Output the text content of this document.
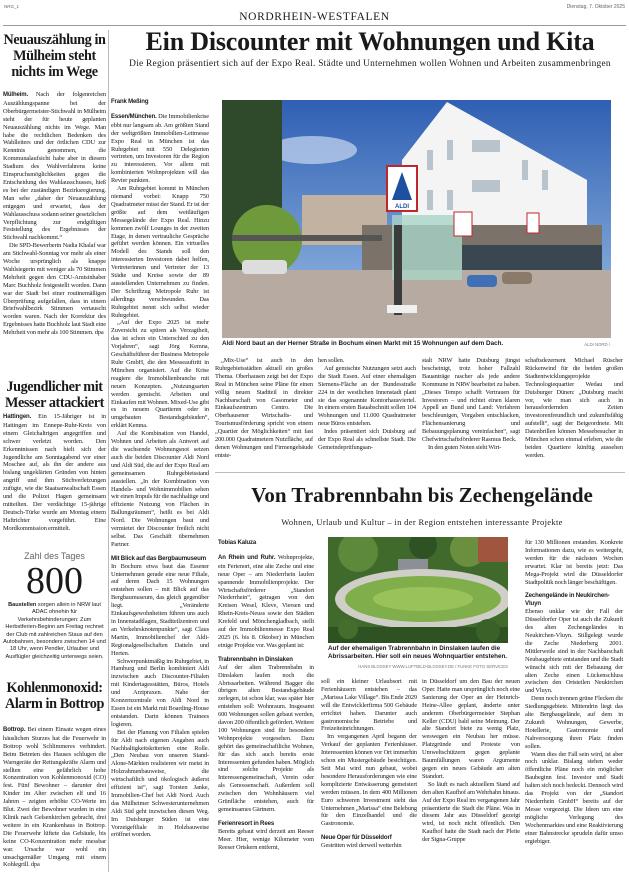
NRG_1
NORDRHEIN-WESTFALEN
Dienstag, 7. Oktober 2025
Neuauszählung in Mülheim steht nichts im Wege

Mülheim. Nach der folgenreichen Auszählungspanne bei der Oberbürgermeister-Stichwahl in Mülheim steht der für heute geplanten Neuauszählung nichts im Wege. Man habe die rechtlichen Bedenken des Wahlleiters und der örtlichen CDU zur Kenntnis genommen, die Kommunalaufsicht habe aber in diesem Stadium des Wahlverfahrens keine Einspruchsmöglichkeiten gegen die Entscheidung des Wahlausschusses, hieß es bei der zuständigen Bezirksregierung. Man sehe „daher der Neuauszählung entgegen und erwartet, dass der Wahlausschuss sodann seiner gesetzlichen Verpflichtung zur endgültigen Feststellung des Ergebnisses der Stichwahl nachkommt.“

Die SPD-Bewerberin Nadia Khalaf war am Stichwahl-Sonntag vor mehr als einer Woche ursprünglich als knappe Wahlsiegerin mit weniger als 70 Stimmen Mehrheit gegen den CDU-Amtsinhaber Marc Buchholz festgestellt worden. Dann war der Stadt bei einer routinemäßigen Überprüfung aufgefallen, dass in einem Briefwahlbezirk Stimmen vertauscht worden waren. Nach der Korrektur des Ergebnisses hatte Buchholz laut Stadt eine Mehrheit von mehr als 100 Stimmen. dpa

Jugendlicher mit Messer attackiert

Hattingen. Ein 15-Jähriger ist in Hattingen im Ennepe-Ruhr-Kreis von einem Gleichaltrigen angegriffen und schwer verletzt worden. Den Erkenntnissen nach hielt sich der Jugendliche am Sonntagabend vor einer Moschee auf, als ihn der andere aus bislang ungeklärten Gründen von hinten angriff und ihm Stichverletzungen zufügte, wie die Staatsanwaltschaft Essen und die Polizei Hagen gemeinsam mitteilten. Der verdächtige 15-jährige Deutsch-Türke wurde am Montag einem Haftrichter vorgeführt. Eine Mordkommission ermittelt.

Zahl des Tages
800
Baustellen sorgen allein in NRW laut ADAC ohnehin für Verkehrsbehinderungen: Zum Herbstferien-Beginn am Freitag rechnet der Club mit zahlreichen Staus auf den Autobahnen, besonders zwischen 14 und 18 Uhr, wenn Pendler, Urlauber und Ausflügler gleichzeitig unterwegs seien.
Kohlenmonoxid: Alarm in Bottrop

Bottrop. Bei einem Einsatz wegen eines häuslichen Sturzes hat die Feuerwehr in Bottrop wohl Schlimmeres verhindert. Beim Betreten des Hauses schlugen die Warngeräte der Rettungskräfte Alarm und stellten eine gefährlich hohe Konzentration von Kohlenmonoxid (CO) fest. Fünf Bewohner – darunter drei Kinder im Alter zwischen elf und 16 Jahren – zeigten erhöhte CO-Werte im Blut. Zwei der Bewohner wurden in eine Klinik nach Gelsenkirchen gebracht, drei weitere in ein Krankenhaus in Bottrop. Die Feuerwehr lüftete das Gebäude, bis keine CO-Konzentration mehr messbar war. Ursache war wohl ein unsachgemäßer Umgang mit einem Kohlegrill. dpa

Ein Discounter mit Wohnungen und Kita
Die Region präsentiert sich auf der Expo Real. Städte und Unternehmen wollen Wohnen und Arbeiten zusammenbringen
ALDI
Aldi Nord baut an der Herner Straße in Bochum einen Markt mit 15 Wohnungen auf dem Dach.	ALDI NORD /
Frank Meßing

Essen/München. Die Immobilienkrise ebbt nur langsam ab. Am größten Stand der weltgrößten Immobilien-Leitmesse Expo Real in München ist das Ruhrgebiet mit 550 Delegierten vertreten, um Investoren für die Region zu interessieren. Vor allem mit kombinierten Wohnprojekten will das Revier punkten.

Am Ruhrgebiet kommt in München niemand vorbei: Knapp 750 Quadratmeter misst der Stand. Er ist der größte auf dem weitläufigen Messegelände der Expo Real. Hinzu kommen zwölf Lounges in der zweiten Etage, in denen vertrauliche Gespräche geführt werden können. Ein virtuelles Modell des Stands soll den interessierten Investoren dabei helfen, Vertreterinnen und Vertreter der 13 Städte und Kreise sowie der 89 ausstellenden Unternehmen zu finden. Der Schriftzug Metropole Ruhr ist allerdings verschwunden. Das Ruhrgebiet nennt sich selbst wieder Ruhrgebiet.

„Auf der Expo 2025 ist mehr Zuversicht zu spüren als Verzagtheit, das ist schon ein Unterschied zu den Vorjahren“, sagt Jörg Kemna, Geschäftsführer der Business Metropole Ruhr GmbH, die den Messeauftritt in München organisiert. Auf die Krise reagiere die Immobilienbranche mit neuen Konzepten. „Nutzungsarten werden gemischt. Arbeiten und Einkaufen mit Wohnen. Mixed-Use gibt es in neuem Quartieren oder in umgebauten Bestandsgebäuden“, erklärt Kemna.

Auf die Kombination von Handel, Wohnen und Arbeiten als Antwort auf die wachsende Wohnungsnot setzen auch die beiden Discounter Aldi Nord und Aldi Süd, die auf der Expo Real am gemeinsamen Ruhrgebietsstand ausstellen. „In der Kombination von Handels- und Wohnimmobilien sehen wir einen Impuls für die nachhaltige und effiziente Nutzung von Flächen in Ballungsräumen“, heißt es bei Aldi Nord. Die Wohnungen baut und vermietet der Discounter freilich nicht selbst. Das Geschäft übernehmen Partner.

Mit Blick auf das Bergbaumuseum

In Bochum etwa baut das Essener Unternehmen gerade eine neue Filiale, auf deren Dach 15 Wohnungen entstehen sollen – mit Blick auf das Bergbaumuseum, das gleich gegenüber liegt. „Veränderte Einkaufsgewohnheiten führen uns auch in Innenstadtlagen, Stadtteilzentren und an Verkehrsknotenpunkte“, sagt Claus Martin, Immobilienchef der Aldi-Regionalgesellschaften Datteln und Herten.

Schwerpunktmäßig im Ruhrgebiet, in Hamburg und Berlin kombiniert Aldi inzwischen auch Discounter-Filialen mit Kindertagesstätten, Büros, Hotels und Arztpraxen. Nahe der Konzernzentrale von Aldi Nord in Essen ist ein Markt mit Boarding-House entstanden. Darin können Trainees logieren.

Bei der Planung von Filialen spielen für Aldi nach eigenen Angaben auch Nachhaltigkeitskriterien eine Rolle. „Den Neubau von unseren Stand-Alone-Märkten realisieren wir meist in Holzrahmenbauweise, die wirtschaftlich und ökologisch äußerst effizient ist“, sagt Torsten Janke, Immobilien-Chef bei Aldi Nord. Auch das Mülheimer Schwesterunternehmen Aldi Süd geht inzwischen diesen Weg. Im Duisburger Süden ist eine Vorzeigefiliale in Holzbauweise eröffnet worden.

„Mix-Use“ ist auch in den Ruhrgebietsstädten aktuell ein großes Thema. Oberhausen zeigt bei der Expo Real in München seine Pläne für einen völlig neuen Stadtteil in direkter Nachbarschaft von Gasometer und Einkaufszentrum Centro. Die Oberhausener Wirtschafts- und Tourismusförderung spricht von einem „Quartier der Möglichkeiten“ mit fast 200.000 Quadratmetern Nutzfläche, auf denen Wohnungen und Firmengebäude entste-

hen sollen.

Auf gemischte Nutzungen setzt auch die Stadt Essen. Auf einer ehemaligen Siemens-Fläche an der Bundesstraße 224 in der westlichen Innenstadt plant sie das sogenannte Kontorhausviertel. In einem ersten Bauabschnitt sollen 104 Wohnungen und 11.000 Quadratmeter neue Büros entstehen.

Indes präsentiert sich Duisburg auf der Expo Real als schnellste Stadt. Die Gemeindeprüfungsan-

stalt NRW hatte Duisburg jüngst bescheinigt, trotz hoher Fallzahl Bauanträge rascher als jede andere Kommune in NRW bearbeitet zu haben. „Dieses Tempo schafft Vertrauen für Investoren – und richtet einen klaren Appell an Bund und Land: Verfahren beschleunigen, Vorgaben entschlacken, Flächensanierung und Bebauungsplanung vereinfachen“, sagt Chefwirtschaftsförderer Rasmus Beck.

In den guten Noten sieht Wirt-

schaftsdezernent Michael Rüscher Rückenwind für die beiden großen Stadtentwicklungsprojekte Technologiequartier Wedau und Duisburger Dünen: „Duisburg macht vor, wie man sich auch in herausfordernden Zeiten investorenfreundlich und zukunftsfähig aufstellt“, sagt der Beigeordnete. Mit Datenbrillen können Messebesucher in München schon einmal erleben, wie die beiden Quartiere künftig aussehen werden.

Von Trabrennbahn bis Zechengelände
Wohnen, Urlaub und Kultur – in der Region entstehen interessante Projekte
Auf der ehemaligen Trabrennbahn in Dinslaken laufen die Abrissarbeiten. Hier soll ein neues Wohnquartier entstehen.
HANS BLOSSEY WWW.LUFTBILD-BLOSSEY.DE / FUNKE FOTO SERVICES
Tobias Kaluza

An Rhein und Ruhr. Wohnprojekte, ein Ferienort, eine alte Zeche und eine neue Oper – am Niederrhein laufen spannende Immobilienprojekte. Der Wirtschaftsförderer „Standort Niederrhein“, getragen von den Kreisen Wesel, Kleve, Viersen und Rhein-Kreis-Neuss sowie den Städten Krefeld und Mönchengladbach, stellt auf der Immobilienmesse Expo Real 2025 (6. bis 8. Oktober) in München einige Projekte vor. Was geplant ist:

Trabrennbahn in Dinslaken

Auf der alten Trabrennbahn in Dinslaken laufen noch die Abrissarbeiten. Während Bagger die übrigen alten Bestandsgebäude zerlegen, ist schon klar, was später hier entstehen soll: Wohnraum. Insgesamt 600 Wohnungen sollen gebaut werden, davon 200 öffentlich gefördert. Weitere 100 Wohnungen sind für besondere Wohnprojekte vorgesehen. Dazu gehört das gemeinschaftliche Wohnen, für das sich auch bereits erste Interessenten gefunden haben. Möglich sind solche Projekte als Interessengemeinschaft, Verein oder als Genossenschaft. Außerdem soll zwischen den Wohnhäusern viel Grünfläche entstehen, auch für gemeinsames Gärtnern.

Ferienresort in Rees

Bereits gebaut wird derzeit am Reeser Meer. Hier, wenige Kilometer vom Reeser Ortskern entfernt,

soll ein kleiner Urlaubsort mit Ferienhäusern entstehen – das „Marissa Lake Village“. Bis Ende 2029 will die Entwicklerfirma 500 Gebäude errichtet haben. Darunter auch gastronomische Betriebe und Freizeiteinrichtungen.

Im vergangenen April begann der Verkauf der geplanten Ferienhäuser. Interessenten können vor Ort immerhin schon ein Mustergebäude besichtigen. Seit Mai wird nun gebaut, wobei besondere Herausforderungen wie eine komplizierte Entwässerung gemeistert werden müssen. In dem 400 Millionen Euro schweren Investment sieht das Unternehmen „Marissa“ eine Belebung für den Einzelhandel und die Gastronomie.

Neue Oper für Düsseldorf

Gestritten wird derweil weiterhin

in Düsseldorf um den Bau der neuen Oper. Hatte man ursprünglich noch eine Sanierung der Oper an der Heinrich-Heine-Allee geplant, änderte unter anderem Oberbürgermeister Stephan Keller (CDU) bald seine Meinung. Der alte Standort biete zu wenig Platz, weswegen ein Neubau her müsse. Platzgründe und Proteste von Umweltschützern gegen geplante Baumfällungen waren Argumente gegen ein neues Gebäude am alten Standort.

So läuft es nach aktuellem Stand auf den alten Kaufhof am Wehrhahn hinaus. Auf der Expo Real im vergangenen Jahr präsentierte die Stadt die Pläne. Was in diesem Jahr aus Düsseldorf gezeigt wird, ist noch nicht öffentlich. Den Kaufhof hatte die Stadt nach der Pleite der Signa-Gruppe

für 130 Millionen erstanden. Konkrete Informationen dazu, wie es weitergeht, werden für die nächsten Wochen erwartet. Klar ist bereits jetzt: Das Mega-Projekt wird die Düsseldorfer Stadtpolitik noch länger beschäftigen.

Zechengelände in Neukirchen-Vluyn

Ebenso unklar wie der Fall der Düsseldorfer Oper ist auch die Zukunft des alten Zechengeländes in Neukirchen-Vluyn. Stillgelegt wurde die Zeche Niederberg 2001. Mittlerweile sind in der Nachbarschaft Neubaugebiete entstanden und die Stadt wünscht sich mit der Bebauung der alten Zeche einen Lückenschluss zwischen den Ortsteilen Neukirchen und Vluyn.

Denn noch trennen grüne Flecken die Siedlungsgebiete. Mittendrin liegt das alte Bergbaugelände, auf dem in Zukunft Wohnungen, Gewerbe, Hotellerie, Gastronomie und Nahversorgung ihren Platz finden sollen.

Wann dies der Fall sein wird, ist aber noch unklar. Bislang stehen weder öffentliche Pläne noch ein möglicher Baubeginn fest. Investor und Stadt halten sich noch bedeckt. Dennoch wird das Projekt von der „Standort Niederrhein GmbH“ bereits auf der Messe vorgezeigt. Die Ideen um eine mögliche Verlegung des Wochenmarktes und eine Reaktivierung einer Bahnstrecke sprudeln dafür umso ergiebiger.
